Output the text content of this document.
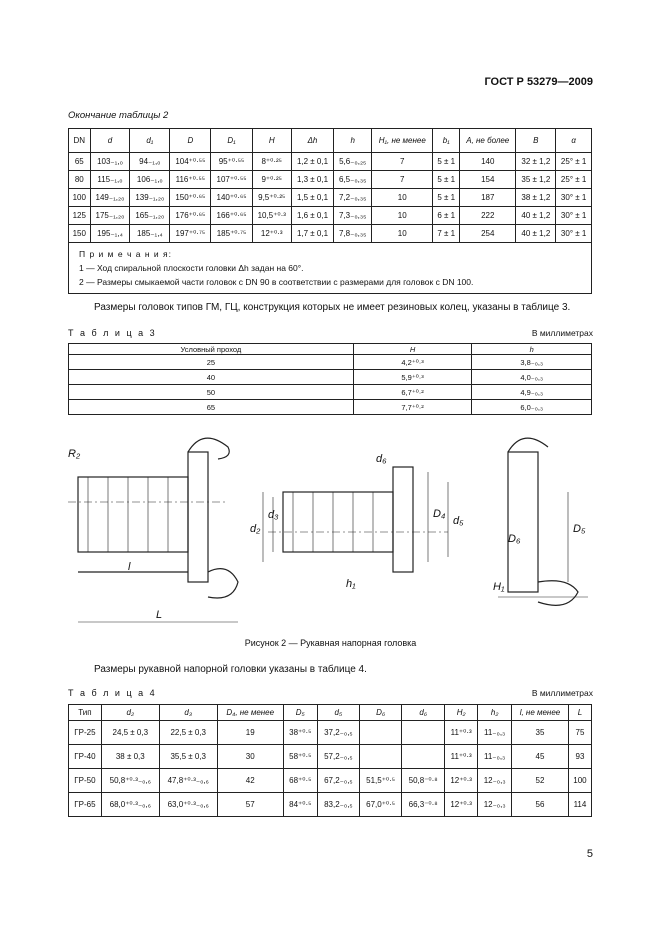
ГОСТ Р 53279—2009
Окончание таблицы 2
DN	d	d₁	D	D₁	H	Δh	h	H₁, не менее	b₁	A, не более	B	α
65	103₋₁,₀	94₋₁,₀	104⁺⁰·⁵⁵	95⁺⁰·⁵⁵	8⁺⁰·²⁵	1,2 ± 0,1	5,6₋₀,₂₅	7	5 ± 1	140	32 ± 1,2	25° ± 1
80	115₋₁,₀	106₋₁,₀	116⁺⁰·⁵⁵	107⁺⁰·⁵⁵	9⁺⁰·²⁵	1,3 ± 0,1	6,5₋₀,₃₅	7	5 ± 1	154	35 ± 1,2	25° ± 1
100	149₋₁,₂₀	139₋₁,₂₀	150⁺⁰·⁶⁵	140⁺⁰·⁶⁵	9,5⁺⁰·²⁵	1,5 ± 0,1	7,2₋₀,₃₅	10	5 ± 1	187	38 ± 1,2	30° ± 1
125	175₋₁,₂₀	165₋₁,₂₀	176⁺⁰·⁶⁵	166⁺⁰·⁶⁵	10,5⁺⁰·³	1,6 ± 0,1	7,3₋₀,₃₅	10	6 ± 1	222	40 ± 1,2	30° ± 1
150	195₋₁,₄	185₋₁,₄	197⁺⁰·⁷⁵	185⁺⁰·⁷⁵	12⁺⁰·³	1,7 ± 0,1	7,8₋₀,₃₅	10	7 ± 1	254	40 ± 1,2	30° ± 1

П р и м е ч а н и я:
1 — Ход спиральной плоскости головки Δh задан на 60°.
2 — Размеры смыкаемой части головок с DN 90 в соответствии с размерами для головок с DN 100.												
Размеры головок типов ГМ, ГЦ, конструкция которых не имеет резиновых колец, указаны в таблице 3.
Т а б л и ц а 3	В миллиметрах
Условный проход	H	h
25	4,2⁺⁰·³	3,8₋₀,₃
40	5,9⁺⁰·³	4,0₋₀,₃
50	6,7⁺⁰·²	4,9₋₀,₃
65	7,7⁺⁰·²	6,0₋₀,₃
R₂
l
L
d₂
d₃
d₆
D₄
d₅
h₁
D₆
D₅
H₁
Рисунок 2 — Рукавная напорная головка
Размеры рукавной напорной головки указаны в таблице 4.
Т а б л и ц а 4	В миллиметрах
Тип	d₂	d₃	D₄, не менее	D₅	d₅	D₆	d₆	H₂	h₂	l, не менее	L
ГР-25	24,5 ± 0,3	22,5 ± 0,3	19	38⁺⁰·⁵	37,2₋₀,₅			11⁺⁰·³	11₋₀,₃	35	75
ГР-40	38 ± 0,3	35,5 ± 0,3	30	58⁺⁰·⁵	57,2₋₀,₅			11⁺⁰·³	11₋₀,₃	45	93
ГР-50	50,8⁺⁰·³₋₀,₆	47,8⁺⁰·³₋₀,₆	42	68⁺⁰·⁵	67,2₋₀,₅	51,5⁺⁰·⁵	50,8⁻⁰·⁸	12⁺⁰·³	12₋₀,₃	52	100
ГР-65	68,0⁺⁰·³₋₀,₆	63,0⁺⁰·³₋₀,₆	57	84⁺⁰·⁵	83,2₋₀,₅	67,0⁺⁰·⁵	66,3⁻⁰·⁸	12⁺⁰·³	12₋₀,₃	56	114
5
